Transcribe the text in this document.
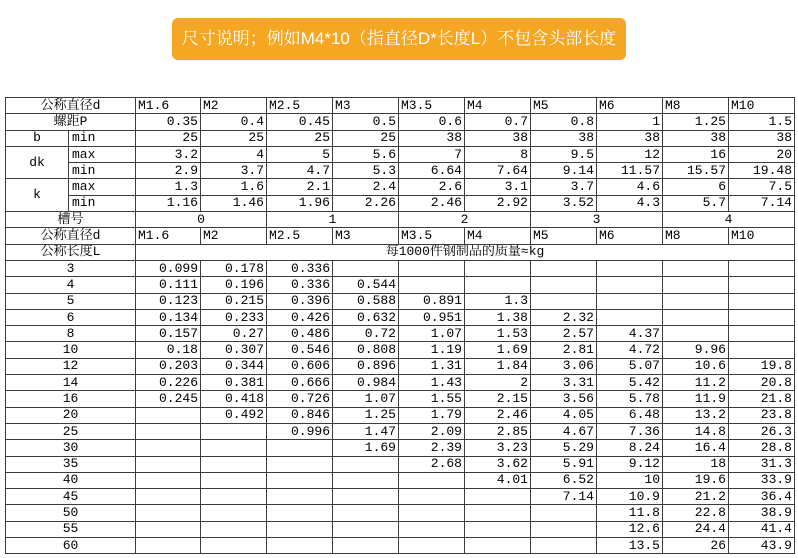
尺寸说明；例如M4*10（指直径D*长度L）不包含头部长度
公称直径d		M1.6	M2	M2.5	M3	M3.5	M4	M5	M6	M8	M10
螺距P		0.35	0.4	0.45	0.5	0.6	0.7	0.8	1	1.25	1.5
b	min	25	25	25	25	38	38	38	38	38	38
dk	max	3.2	4	5	5.6	7	8	9.5	12	16	20
	min	2.9	3.7	4.7	5.3	6.64	7.64	9.14	11.57	15.57	19.48
k	max	1.3	1.6	2.1	2.4	2.6	3.1	3.7	4.6	6	7.5
	min	1.16	1.46	1.96	2.26	2.46	2.92	3.52	4.3	5.7	7.14
槽号		0		1		2		3		4	
公称直径d		M1.6	M2	M2.5	M3	M3.5	M4	M5	M6	M8	M10
公称长度L		每1000件钢制品的质量≈kg									
3		0.099	0.178	0.336							
4		0.111	0.196	0.336	0.544						
5		0.123	0.215	0.396	0.588	0.891	1.3				
6		0.134	0.233	0.426	0.632	0.951	1.38	2.32			
8		0.157	0.27	0.486	0.72	1.07	1.53	2.57	4.37		
10		0.18	0.307	0.546	0.808	1.19	1.69	2.81	4.72	9.96	
12		0.203	0.344	0.606	0.896	1.31	1.84	3.06	5.07	10.6	19.8
14		0.226	0.381	0.666	0.984	1.43	2	3.31	5.42	11.2	20.8
16		0.245	0.418	0.726	1.07	1.55	2.15	3.56	5.78	11.9	21.8
20			0.492	0.846	1.25	1.79	2.46	4.05	6.48	13.2	23.8
25				0.996	1.47	2.09	2.85	4.67	7.36	14.8	26.3
30					1.69	2.39	3.23	5.29	8.24	16.4	28.8
35						2.68	3.62	5.91	9.12	18	31.3
40							4.01	6.52	10	19.6	33.9
45								7.14	10.9	21.2	36.4
50									11.8	22.8	38.9
55									12.6	24.4	41.4
60									13.5	26	43.9
